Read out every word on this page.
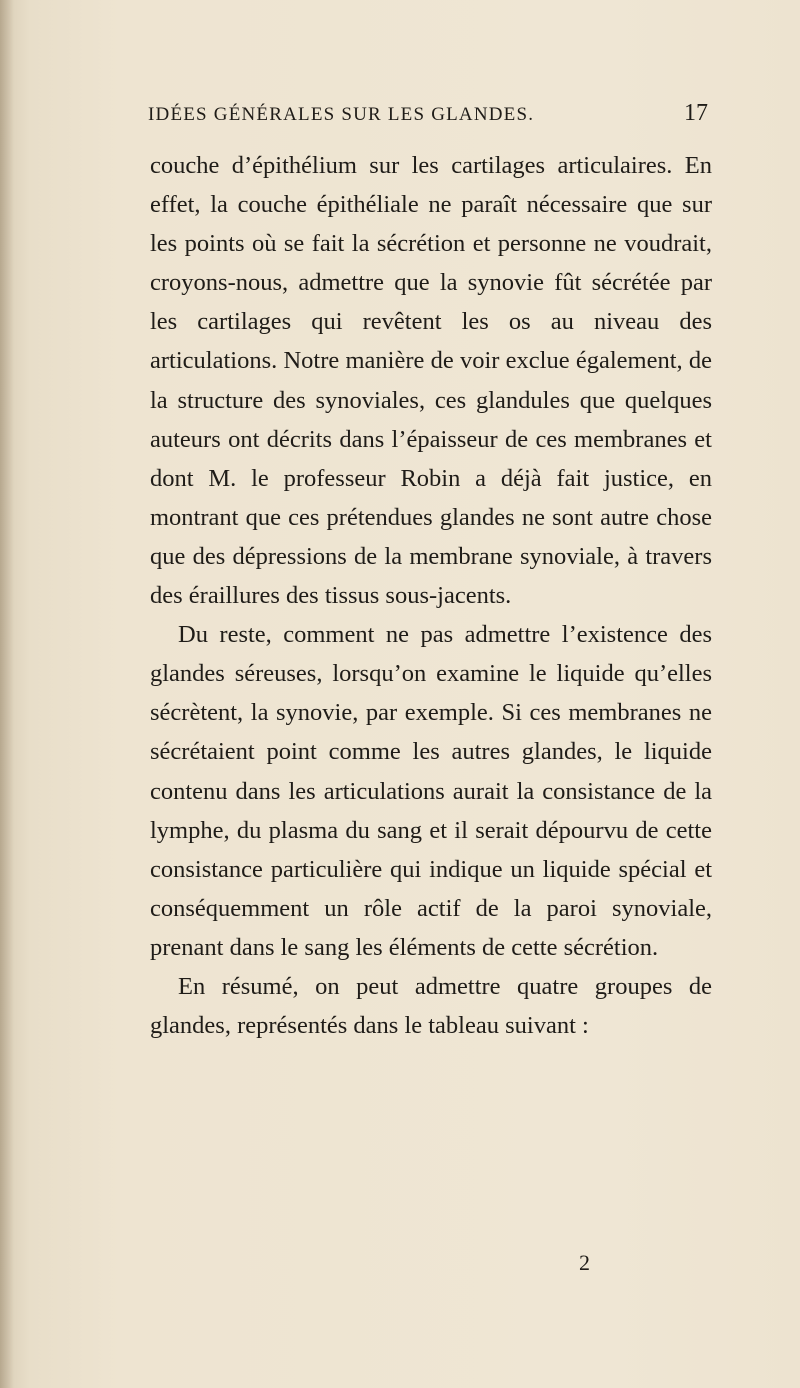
IDÉES GÉNÉRALES SUR LES GLANDES.	17

couche d’épithélium sur les cartilages articulaires. En effet, la couche épithéliale ne paraît nécessaire que sur les points où se fait la sécrétion et personne ne voudrait, croyons-nous, admettre que la synovie fût sécrétée par les cartilages qui revêtent les os au niveau des articulations. Notre manière de voir exclue également, de la structure des synoviales, ces glandules que quelques auteurs ont décrits dans l’épaisseur de ces membranes et dont M. le professeur Robin a déjà fait justice, en montrant que ces prétendues glandes ne sont autre chose que des dépressions de la membrane synoviale, à travers des éraillures des tissus sous-jacents.

Du reste, comment ne pas admettre l’existence des glandes séreuses, lorsqu’on examine le liquide qu’elles sécrètent, la synovie, par exemple. Si ces membranes ne sécrétaient point comme les autres glandes, le liquide contenu dans les articulations aurait la consistance de la lymphe, du plasma du sang et il serait dépourvu de cette consistance particulière qui indique un liquide spécial et conséquemment un rôle actif de la paroi synoviale, prenant dans le sang les éléments de cette sécrétion.

En résumé, on peut admettre quatre groupes de glandes, représentés dans le tableau suivant :

2
